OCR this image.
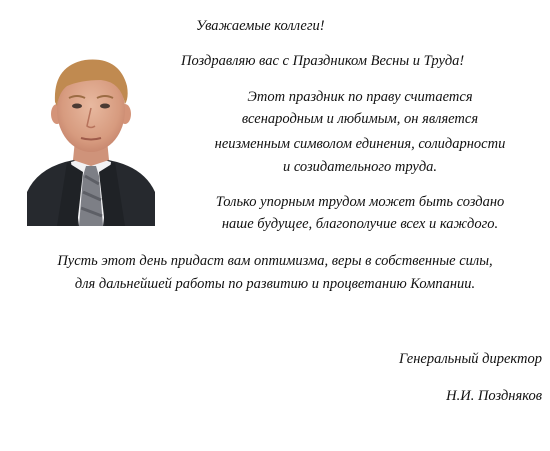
Уважаемые коллеги!
Поздравляю вас с Праздником Весны и Труда!
Этот праздник по праву считается
всенародным и любимым, он является
неизменным символом единения, солидарности
и созидательного труда.
Только упорным трудом может быть создано
наше будущее, благополучие всех и каждого.
Пусть этот день придаст вам оптимизма, веры в собственные силы,
для дальнейшей работы по развитию и процветанию Компании.
Генеральный директор
Н.И. Поздняков
